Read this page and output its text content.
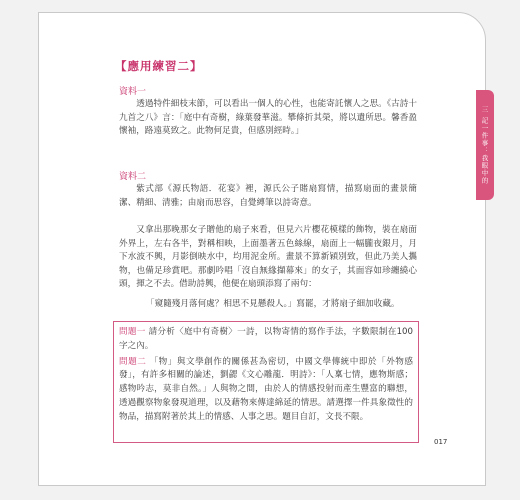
三 記一件事：我眼中的
【應用練習二】
資料一

透過特件細枝末節，可以看出一個人的心性，也能寄託懷人之思。《古詩十九首之八》言：「庭中有奇樹，綠葉發華滋。攀條折其榮，將以遺所思。馨香盈懷袖，路遠莫致之。此物何足貴，但感別經時。」

資料二

紫式部《源氏物語．花宴》裡，源氏公子賭扇寫情，描寫扇面的畫景簡潔、精細、清雅；由扇而思容，自覺縛筆以詩寄意。

又拿出那晚那女子贈他的扇子來看，但見六片櫻花模樣的飾物，裝在扇面外界上，左右各半，對稱相映，上面墨著五色絲線，扇面上一幅朧夜銀月，月下水波不興，月影倒映水中，均用泥金所。畫景不算新穎別致，但此乃美人攜物，也備足珍賞吧。那劇吟唱「沒自無緣擷幕來」的女子，其面容如珍纏繞心頭，揮之不去。借助詩興，他便在扇頭添寫了兩句：

「窺隨殘月落何處？相思不見懸殺人。」寫罷，才將扇子細加收藏。

問題一 請分析〈庭中有奇樹〉一詩，以物寄情的寫作手法，字數限制在100字之內。

問題二 「物」與文學創作的關係甚為密切，中國文學傳統中即於「外物感發」，有許多相關的論述，劉勰《文心雕龍．明詩》：「人稟七情，應物斯感；感物吟志，莫非自然。」人與物之間，由於人的情感投射而產生豐富的聯想，透過觀察物象發現道理，以及藉物來傳達綿延的情思。請選擇一件具象徵性的物品，描寫附著於其上的情感、人事之思。題目自訂，文長不限。

017
